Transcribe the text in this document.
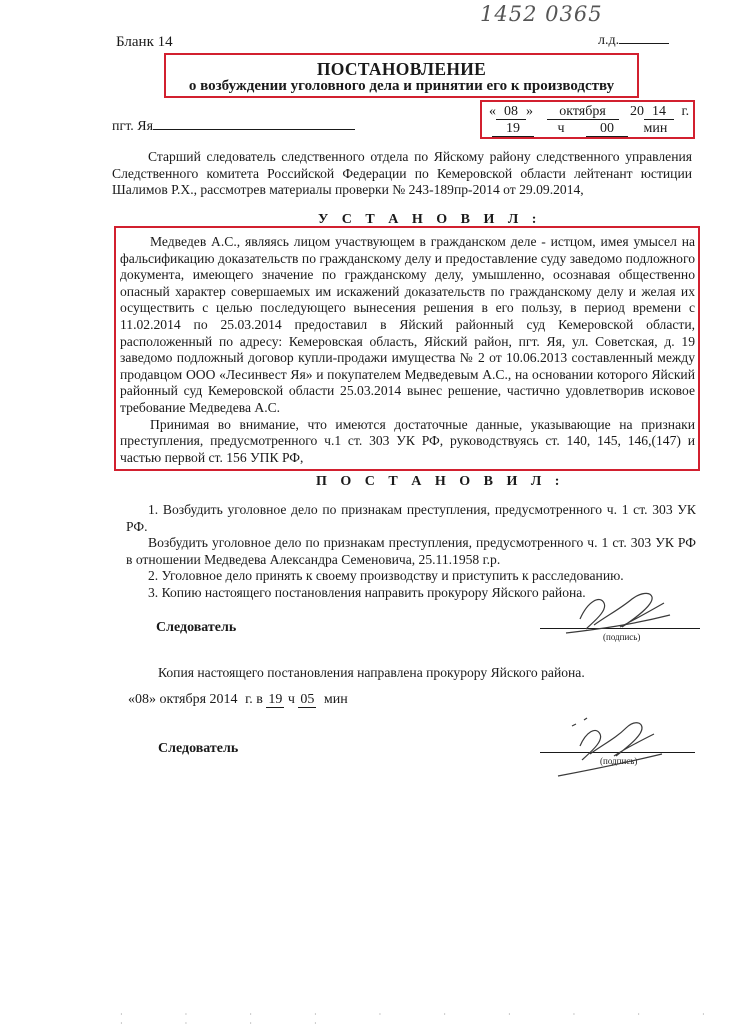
1452 0365
Бланк 14	л.д.
ПОСТАНОВЛЕНИЕ
о возбуждении уголовного дела и принятии его к производству
пгт. Яя
« 08 » октября 20 14 г.
19	ч	00 мин
Старший следователь следственного отдела по Яйскому району следственного управления Следственного комитета Российской Федерации по Кемеровской области лейтенант юстиции Шалимов Р.Х., рассмотрев материалы проверки № 243-189пр-2014 от 29.09.2014,
У С Т А Н О В И Л :

Медведев А.С., являясь лицом участвующем в гражданском деле - истцом, имея умысел на фальсификацию доказательств по гражданскому делу и предоставление суду заведомо подложного документа, имеющего значение по гражданскому делу, умышленно, осознавая общественно опасный характер совершаемых им искажений доказательств по гражданскому делу и желая их осуществить с целью последующего вынесения решения в его пользу, в период времени с 11.02.2014 по 25.03.2014 предоставил в Яйский районный суд Кемеровской области, расположенный по адресу: Кемеровская область, Яйский район, пгт. Яя, ул. Советская, д. 19 заведомо подложный договор купли-продажи имущества № 2 от 10.06.2013 составленный между продавцом ООО «Лесинвест Яя» и покупателем Медведевым А.С., на основании которого Яйский районный суд Кемеровской области 25.03.2014 вынес решение, частично удовлетворив исковое требование Медведева А.С.

Принимая во внимание, что имеются достаточные данные, указывающие на признаки преступления, предусмотренного ч.1 ст. 303 УК РФ, руководствуясь ст. 140, 145, 146,(147) и частью первой ст. 156 УПК РФ,

П О С Т А Н О В И Л :
1. Возбудить уголовное дело по признакам преступления, предусмотренного ч. 1 ст. 303 УК РФ.
Возбудить уголовное дело по признакам преступления, предусмотренного ч. 1 ст. 303 УК РФ в отношении Медведева Александра Семеновича, 25.11.1958 г.р.
2. Уголовное дело принять к своему производству и приступить к расследованию.
3. Копию настоящего постановления направить прокурору Яйского района.
Следователь
(подпись)
Копия настоящего постановления направлена прокурору Яйского района.
«08» октября 2014 г. в 19 ч 05 мин
Следователь
(подпись)
· · · · · · · · · · · · · ·
